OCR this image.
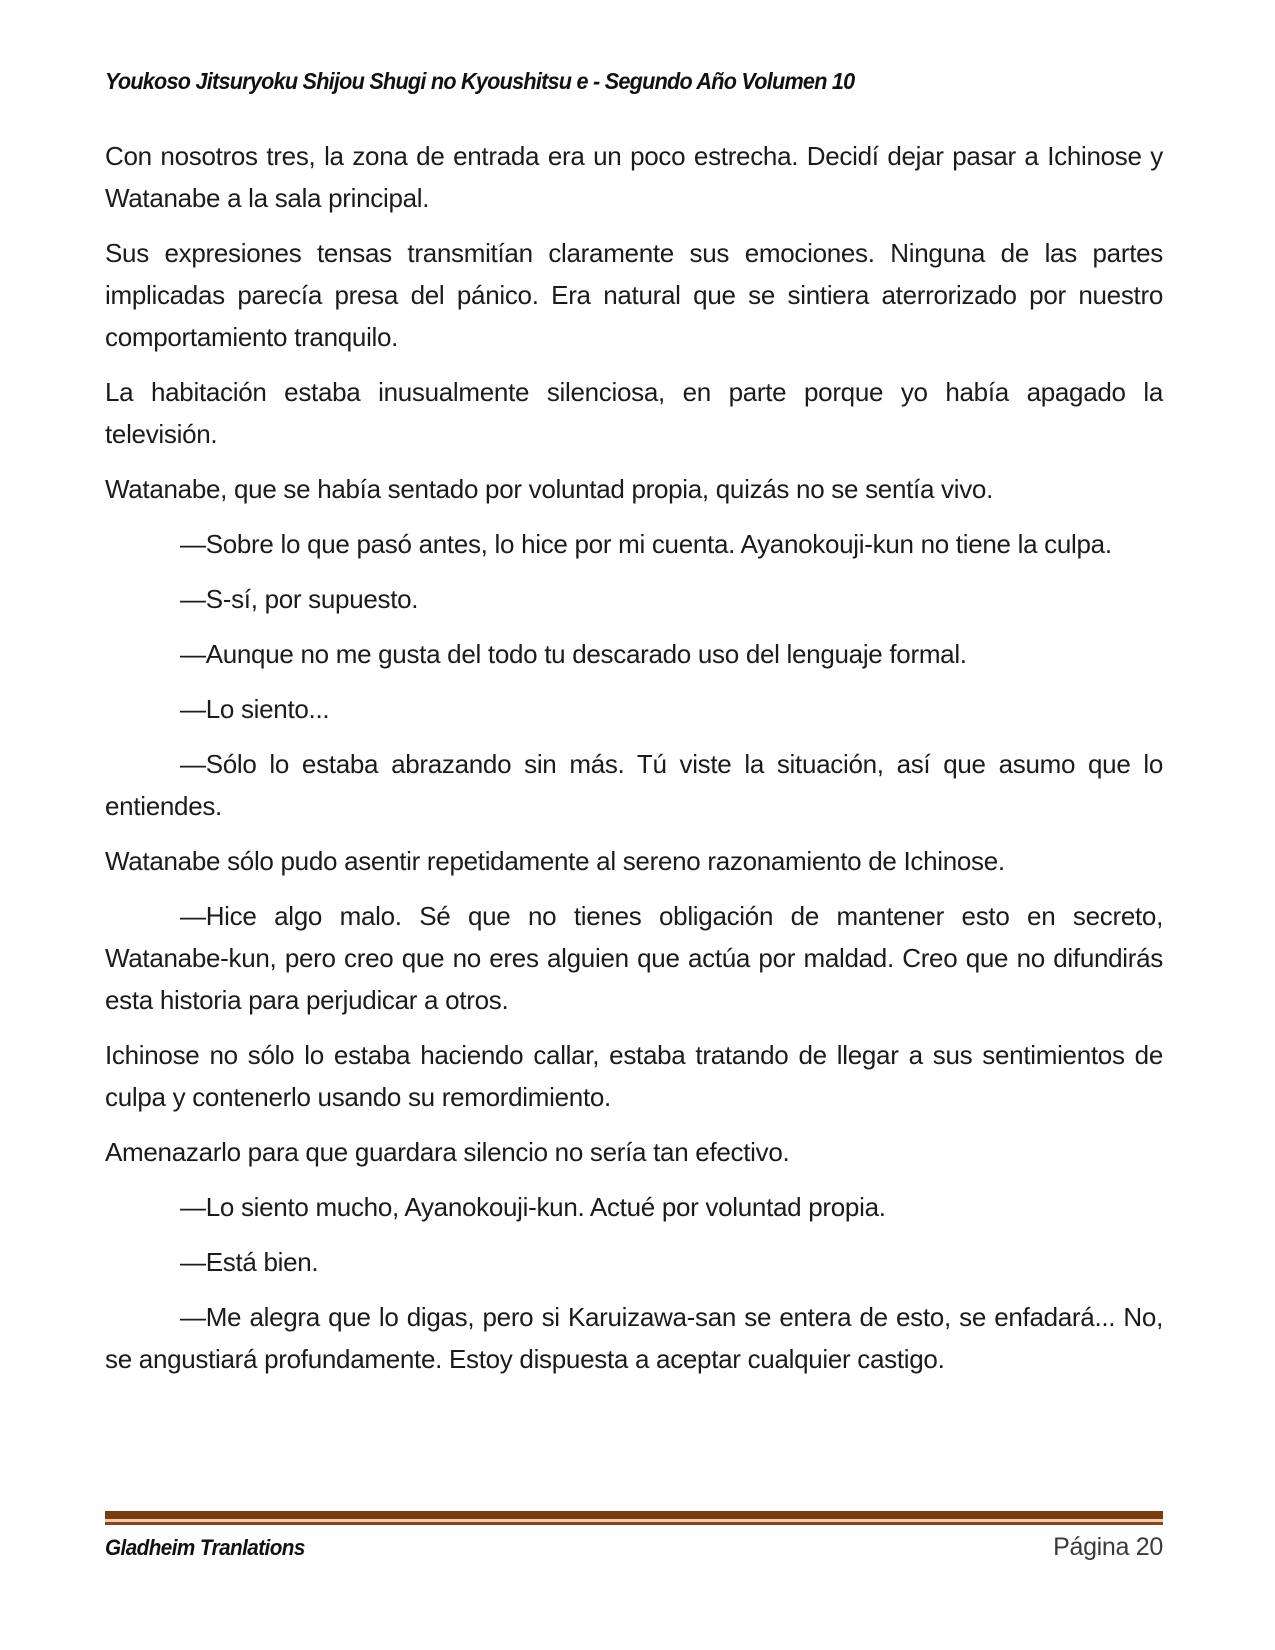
Youkoso Jitsuryoku Shijou Shugi no Kyoushitsu e - Segundo Año Volumen 10

Con nosotros tres, la zona de entrada era un poco estrecha. Decidí dejar pasar a Ichinose y Watanabe a la sala principal.

Sus expresiones tensas transmitían claramente sus emociones. Ninguna de las partes implicadas parecía presa del pánico. Era natural que se sintiera aterrorizado por nuestro comportamiento tranquilo.

La habitación estaba inusualmente silenciosa, en parte porque yo había apagado la televisión.

Watanabe, que se había sentado por voluntad propia, quizás no se sentía vivo.

—Sobre lo que pasó antes, lo hice por mi cuenta. Ayanokouji-kun no tiene la culpa.

—S-sí, por supuesto.

—Aunque no me gusta del todo tu descarado uso del lenguaje formal.

—Lo siento...

—Sólo lo estaba abrazando sin más. Tú viste la situación, así que asumo que lo entiendes.

Watanabe sólo pudo asentir repetidamente al sereno razonamiento de Ichinose.

—Hice algo malo. Sé que no tienes obligación de mantener esto en secreto, Watanabe-kun, pero creo que no eres alguien que actúa por maldad. Creo que no difundirás esta historia para perjudicar a otros.

Ichinose no sólo lo estaba haciendo callar, estaba tratando de llegar a sus sentimientos de culpa y contenerlo usando su remordimiento.

Amenazarlo para que guardara silencio no sería tan efectivo.

—Lo siento mucho, Ayanokouji-kun. Actué por voluntad propia.

—Está bien.

—Me alegra que lo digas, pero si Karuizawa-san se entera de esto, se enfadará... No, se angustiará profundamente. Estoy dispuesta a aceptar cualquier castigo.

Gladheim Tranlations	Página 20
